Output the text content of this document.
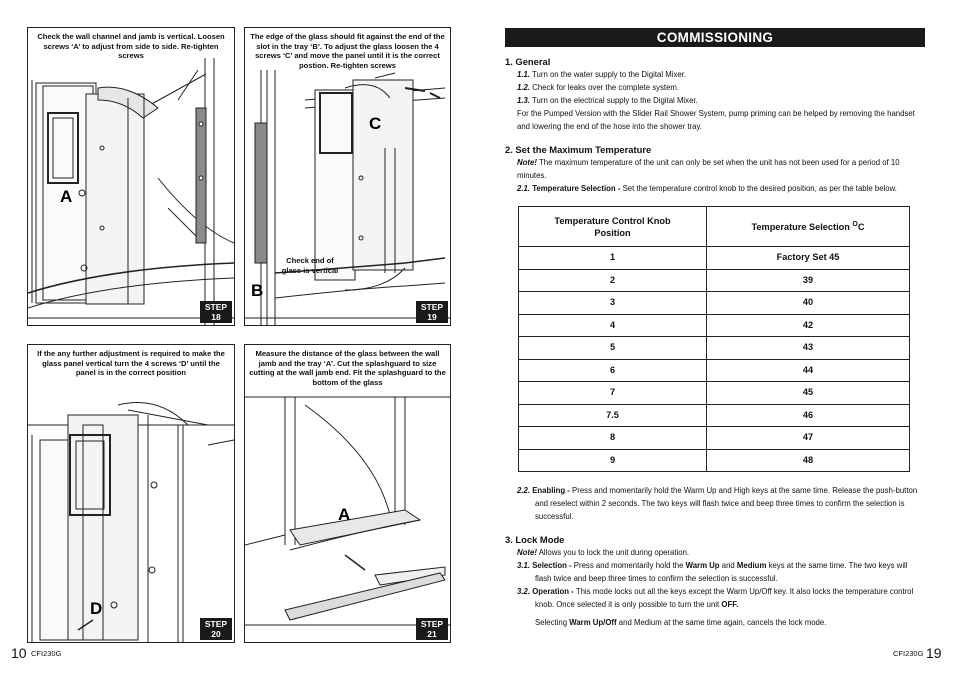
Check the wall channel and jamb is vertical. Loosen screws ‘A’ to adjust from side to side. Re-tighten screws
A
STEP
18
The edge of the glass should fit against the end of the slot in the tray ‘B’. To adjust the glass loosen the 4 screws ‘C’ and move the panel until it is the correct postion. Re-tighten screws
C
B
Check end of glass is vertical
STEP
19
If the any further adjustment is required to make the glass panel vertical turn the 4 screws ‘D’ until the panel is in the correct position
D
STEP
20
Measure the distance of the glass between the wall jamb and the tray ‘A’. Cut the splashguard to size cutting at the wall jamb end. Fit the splashguard to the bottom of the glass
A
STEP
21
10 CFI230G	CFI230G 19
COMMISSIONING
1. General

1.1. Turn on the water supply to the Digital Mixer.

1.2. Check for leaks over the complete system.

1.3. Turn on the electrical supply to the Digital Mixer.

For the Pumped Version with the Slider Rail Shower System, pump priming can be helped by removing the handset and lowering the end of the hose into the shower tray.

2. Set the Maximum Temperature

Note! The maximum temperature of the unit can only be set when the unit has not been used for a period of 10 minutes.

2.1. Temperature Selection - Set the temperature control knob to the desired position, as per the table below.

Temperature Control Knob Position	Temperature Selection $^O$C
1	Factory Set 45
2	39
3	40
4	42
5	43
6	44
7	45
7.5	46
8	47
9	48

2.2. Enabling - Press and momentarily hold the Warm Up and High keys at the same time. Release the push-button and reselect within 2 seconds. The two keys will flash twice and beep three times to confirm the selection is successful.

3. Lock Mode

Note! Allows you to lock the unit during operation.

3.1. Selection - Press and momentarily hold the Warm Up and Medium keys at the same time. The two keys will flash twice and beep three times to confirm the selection is successful.

3.2. Operation - This mode locks out all the keys except the Warm Up/Off key. It also locks the temperature control knob. Once selected it is only possible to turn the unit OFF.

Selecting Warm Up/Off and Medium at the same time again, cancels the lock mode.
